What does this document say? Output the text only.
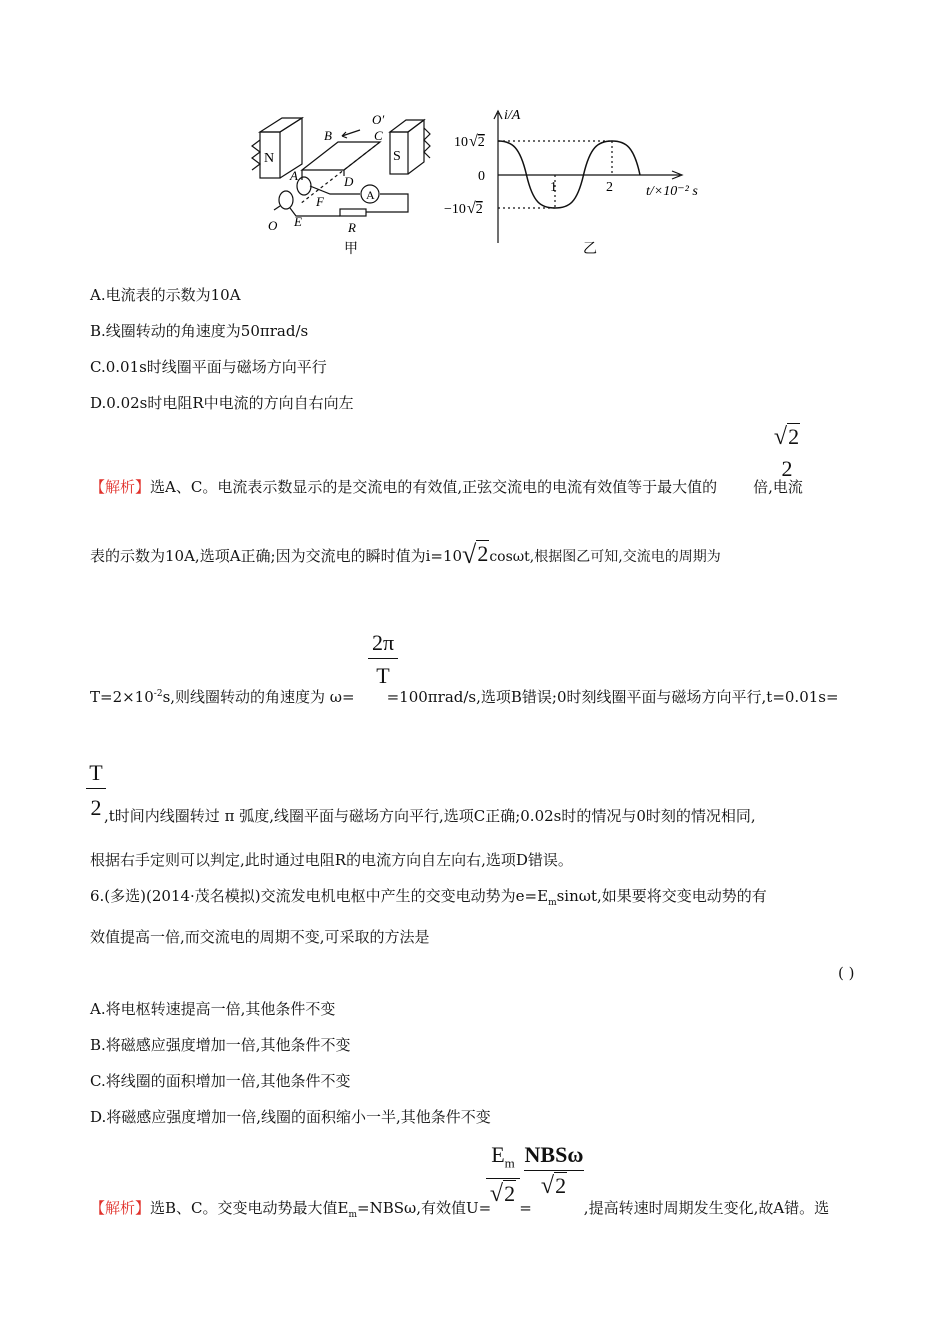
N	S
B
O′
C
A	D
A
F
E
O	R
甲
i/A
10√2
0
−10√2
1	2 t/×10⁻² s
乙
A.电流表的示数为10A
B.线圈转动的角速度为50πrad/s
C.0.01s时线圈平面与磁场方向平行
D.0.02s时电阻R中电流的方向自右向左
√2
2
【解析】选A、C。电流表示数显示的是交流电的有效值,正弦交流电的电流有效值等于最大值的 倍,电流
表的示数为10A,选项A正确;因为交流电的瞬时值为i=10√2cosωt,根据图乙可知,交流电的周期为
2π
T
$T=2\times 10^{-2}s$,则线圈转动的角速度为 ω= =100πrad/s,选项B错误;0时刻线圈平面与磁场方向平行,t=0.01s=
T
2 ,t时间内线圈转过 π 弧度,线圈平面与磁场方向平行,选项C正确;0.02s时的情况与0时刻的情况相同,
根据右手定则可以判定,此时通过电阻R的电流方向自左向右,选项D错误。
6.(多选)(2014·茂名模拟)交流发电机电枢中产生的交变电动势为$e=E_m\sin\omega t$,如果要将交变电动势的有
效值提高一倍,而交流电的周期不变,可采取的方法是
( )
A.将电枢转速提高一倍,其他条件不变
B.将磁感应强度增加一倍,其他条件不变
C.将线圈的面积增加一倍,其他条件不变
D.将磁感应强度增加一倍,线圈的面积缩小一半,其他条件不变
$E_m$
√2
NBSω
√2
【解析】选B、C。交变电动势最大值$E_m=NBS\omega$,有效值U= =	,提高转速时周期发生变化,故A错。选
